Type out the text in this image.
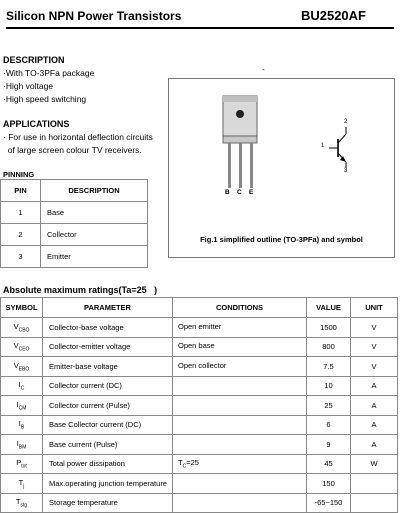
Silicon NPN Power Transistors	BU2520AF
DESCRIPTION
·With TO-3PFa package
·High voltage
·High speed switching
APPLICATIONS
· For use in horizontal deflection circuits
of large screen colour TV receivers.
-
B C E
1
2
3
Fig.1 simplified outline (TO-3PFa) and symbol
PINNING
PIN	DESCRIPTION
1	Base
2	Collector
3	Emitter
Absolute maximum ratings(Ta=25   )
SYMBOL	PARAMETER	CONDITIONS	VALUE	UNIT
$V_{CBO}$	Collector-base voltage	Open emitter	1500	V
$V_{CEO}$	Collector-emitter voltage	Open base	800	V
$V_{EBO}$	Emitter-base voltage	Open collector	7.5	V
$I_C$	Collector current (DC)		10	A
$I_{CM}$	Collector current (Pulse)		25	A
$I_B$	Base Collector current (DC)		6	A
$I_{BM}$	Base current (Pulse)		9	A
$P_{tot}$	Total power dissipation	$T_C=25$	45	W
$T_j$	Max.operating junction temperature		150	
$T_{stg}$	Storage temperature		-65~150	
